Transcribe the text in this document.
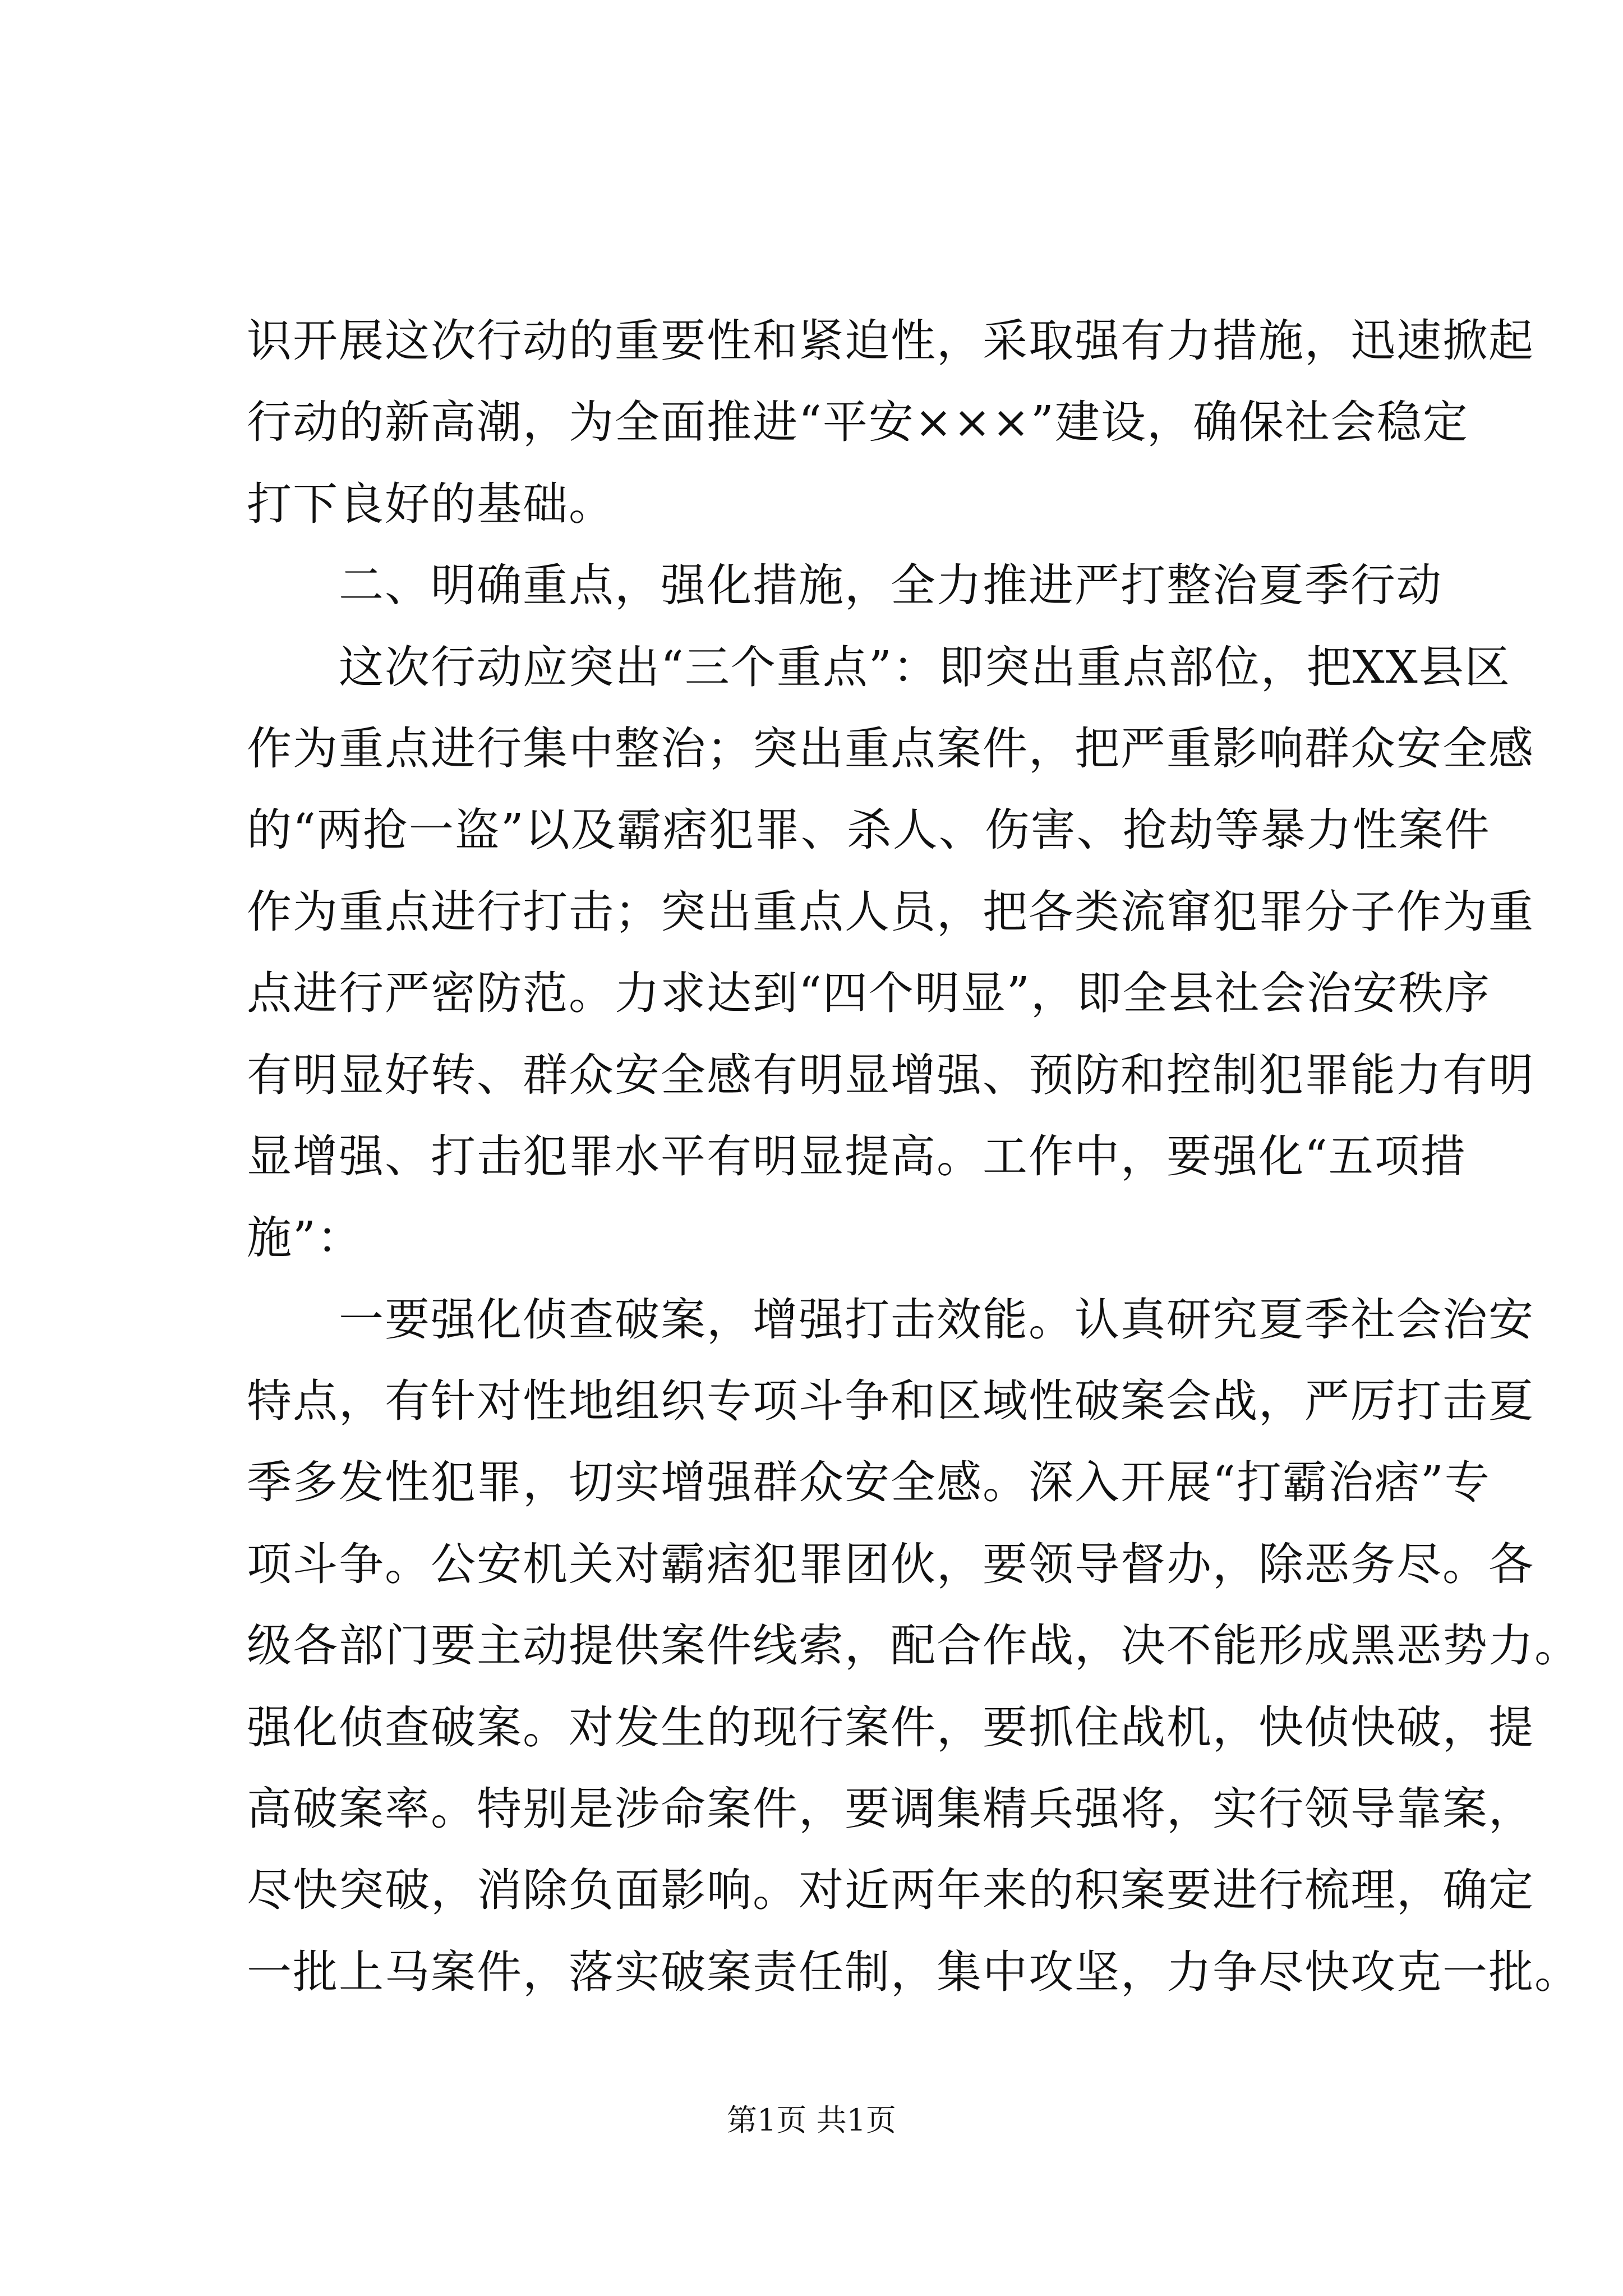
识开展这次行动的重要性和紧迫性，采取强有力措施，迅速掀起
行动的新高潮，为全面推进“平安×××”建设，确保社会稳定
打下良好的基础。
　　二、明确重点，强化措施，全力推进严打整治夏季行动
　　这次行动应突出“三个重点”：即突出重点部位，把XX县区
作为重点进行集中整治；突出重点案件，把严重影响群众安全感
的“两抢一盗”以及霸痞犯罪、杀人、伤害、抢劫等暴力性案件
作为重点进行打击；突出重点人员，把各类流窜犯罪分子作为重
点进行严密防范。力求达到“四个明显”，即全县社会治安秩序
有明显好转、群众安全感有明显增强、预防和控制犯罪能力有明
显增强、打击犯罪水平有明显提高。工作中，要强化“五项措
施”：
　　一要强化侦查破案，增强打击效能。认真研究夏季社会治安
特点，有针对性地组织专项斗争和区域性破案会战，严厉打击夏
季多发性犯罪，切实增强群众安全感。深入开展“打霸治痞”专
项斗争。公安机关对霸痞犯罪团伙，要领导督办，除恶务尽。各
级各部门要主动提供案件线索，配合作战，决不能形成黑恶势力。
强化侦查破案。对发生的现行案件，要抓住战机，快侦快破，提
高破案率。特别是涉命案件，要调集精兵强将，实行领导靠案，
尽快突破，消除负面影响。对近两年来的积案要进行梳理，确定
一批上马案件，落实破案责任制，集中攻坚，力争尽快攻克一批。
第1页 共1页
